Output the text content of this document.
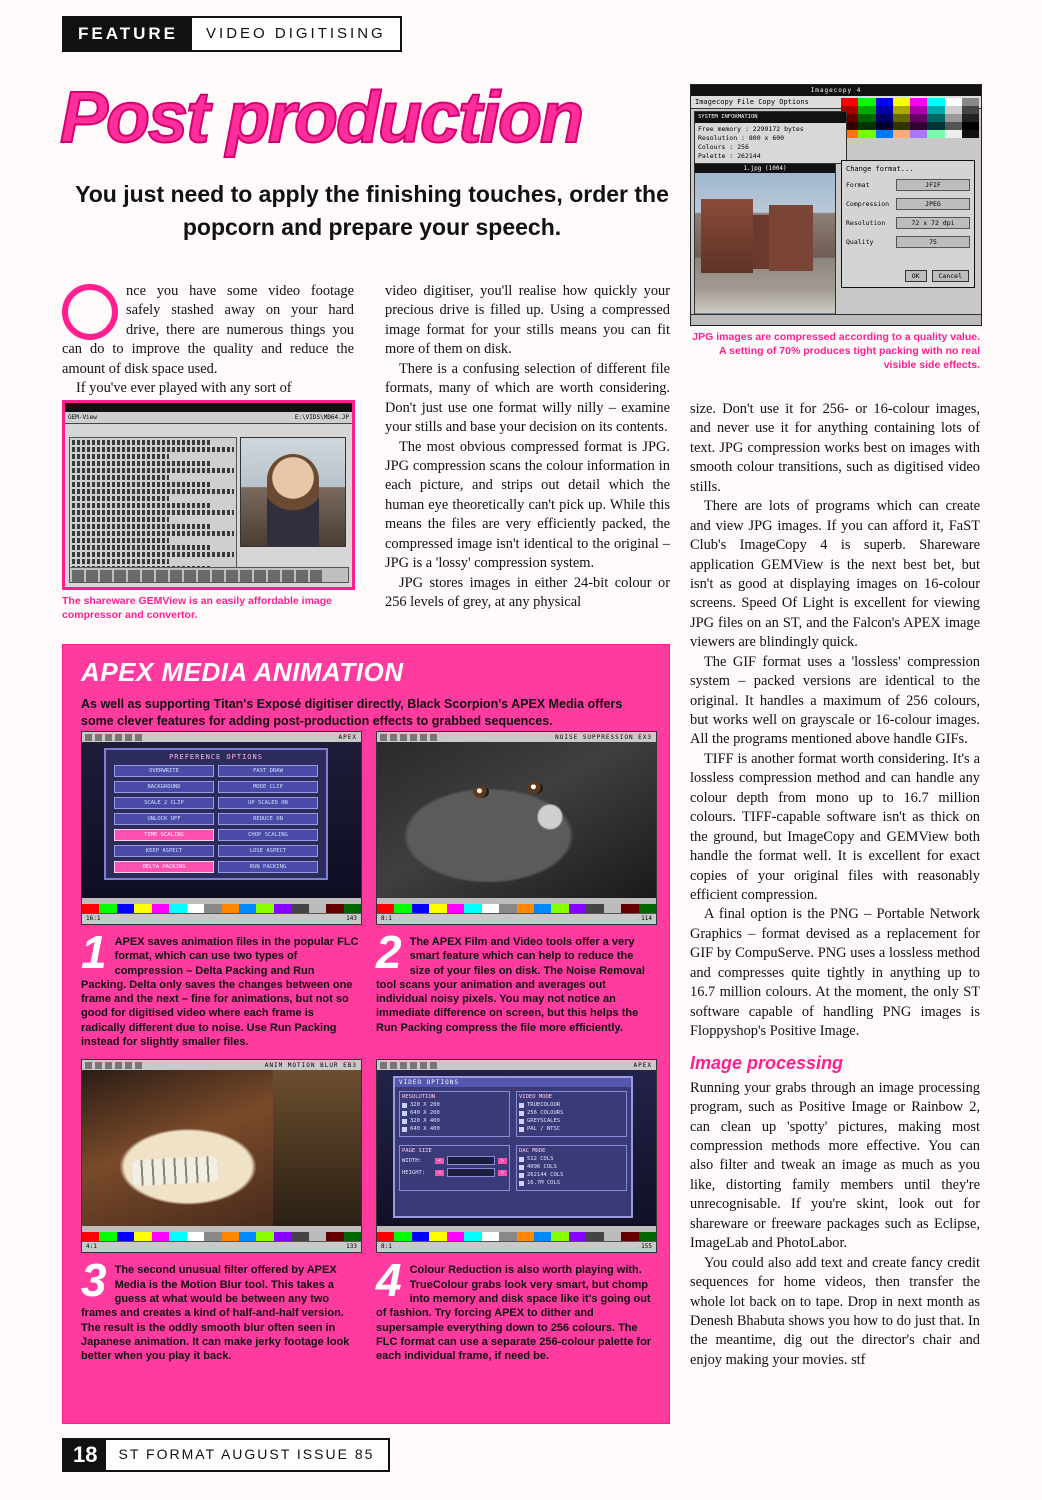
FEATURE	VIDEO DIGITISING
Post production
You just need to apply the finishing touches, order the popcorn and prepare your speech.
Imagecopy 4
Imagecopy File Copy Options
SYSTEM INFORMATION
Free memory : 2299172 bytes
Resolution : 800 x 600
Colours : 256
Palette : 262144
1.jpg (1004)	Change format...
Format	JFIF
Compression	JPEG
Resolution	72 x 72 dpi
Quality	75
OK	Cancel
JPG images are compressed according to a quality value. A setting of 70% produces tight packing with no real visible side effects.

nce you have some video footage safely stashed away on your hard drive, there are numerous things you can do to improve the quality and reduce the amount of disk space used.

If you've ever played with any sort of

GEM-View	E:\VIDS\MD64.JP
The shareware GEMView is an easily affordable image compressor and convertor.

video digitiser, you'll realise how quickly your precious drive is filled up. Using a compressed image format for your stills means you can fit more of them on disk.

There is a confusing selection of different file formats, many of which are worth considering. Don't just use one format willy nilly – examine your stills and base your decision on its contents.

The most obvious compressed format is JPG. JPG compression scans the colour information in each picture, and strips out detail which the human eye theoretically can't pick up. While this means the files are very efficiently packed, the compressed image isn't identical to the original – JPG is a 'lossy' compression system.

JPG stores images in either 24-bit colour or 256 levels of grey, at any physical

size. Don't use it for 256- or 16-colour images, and never use it for anything containing lots of text. JPG compression works best on images with smooth colour transitions, such as digitised video stills.

There are lots of programs which can create and view JPG images. If you can afford it, FaST Club's ImageCopy 4 is superb. Shareware application GEMView is the next best bet, but isn't as good at displaying images on 16-colour screens. Speed Of Light is excellent for viewing JPG files on an ST, and the Falcon's APEX image viewers are blindingly quick.

The GIF format uses a 'lossless' compression system – packed versions are identical to the original. It handles a maximum of 256 colours, but works well on grayscale or 16-colour images. All the programs mentioned above handle GIFs.

TIFF is another format worth considering. It's a lossless compression method and can handle any colour depth from mono up to 16.7 million colours. TIFF-capable software isn't as thick on the ground, but ImageCopy and GEMView both handle the format well. It is excellent for exact copies of your original files with reasonably efficient compression.

A final option is the PNG – Portable Network Graphics – format devised as a replacement for GIF by CompuServe. PNG uses a lossless method and compresses quite tightly in anything up to 16.7 million colours. At the moment, the only ST software capable of handling PNG images is Floppyshop's Positive Image.

Image processing

Running your grabs through an image processing program, such as Positive Image or Rainbow 2, can clean up 'spotty' pictures, making most compression methods more effective. You can also filter and tweak an image as much as you like, distorting family members until they're unrecognisable. If you're skint, look out for shareware or freeware packages such as Eclipse, ImageLab and PhotoLabor.

You could also add text and create fancy credit sequences for home videos, then transfer the whole lot back on to tape. Drop in next month as Denesh Bhabuta shows you how to do just that. In the meantime, dig out the director's chair and enjoy making your movies. stf

APEX MEDIA ANIMATION
As well as supporting Titan's Exposé digitiser directly, Black Scorpion's APEX Media offers some clever features for adding post-production effects to grabbed sequences.
APEX
PREFERENCE OPTIONS
OVERWRITE	FAST DRAW
BACKGROUND	MODE CLIP
SCALE 2 CLIP	UP SCALED ON
UNLOCK OFF	REDUCE ON
TIME SCALING	CHOP SCALING
KEEP ASPECT	LOSE ASPECT
DELTA PACKING	RUN PACKING
16:1	143
NOISE SUPPRESSION EX3
8:1	114
1 APEX saves animation files in the popular FLC format, which can use two types of compression – Delta Packing and Run Packing. Delta only saves the changes between one frame and the next – fine for animations, but not so good for digitised video where each frame is radically different due to noise. Use Run Packing instead for slightly smaller files.
2 The APEX Film and Video tools offer a very smart feature which can help to reduce the size of your files on disk. The Noise Removal tool scans your animation and averages out individual noisy pixels. You may not notice an immediate difference on screen, but this helps the Run Packing compress the file more efficiently.
ANIM MOTION BLUR EB3
4:1	133
APEX
VIDEO OPTIONS
RESOLUTION
320 X 200
640 X 200
320 X 400
640 X 400
VIDEO MODE
TRUECOLOUR
256 COLOURS
GREYSCALES
PAL / NTSC
PAGE SIZE
WIDTH:	<	>
HEIGHT:	<	>
DAC MODE
512 COLS
4096 COLS
262144 COLS
16.7M COLS
8:1	155
3 The second unusual filter offered by APEX Media is the Motion Blur tool. This takes a guess at what would be between any two frames and creates a kind of half-and-half version. The result is the oddly smooth blur often seen in Japanese animation. It can make jerky footage look better when you play it back.
4 Colour Reduction is also worth playing with. TrueColour grabs look very smart, but chomp into memory and disk space like it's going out of fashion. Try forcing APEX to dither and supersample everything down to 256 colours. The FLC format can use a separate 256-colour palette for each individual frame, if need be.
18	ST FORMAT AUGUST ISSUE 85
